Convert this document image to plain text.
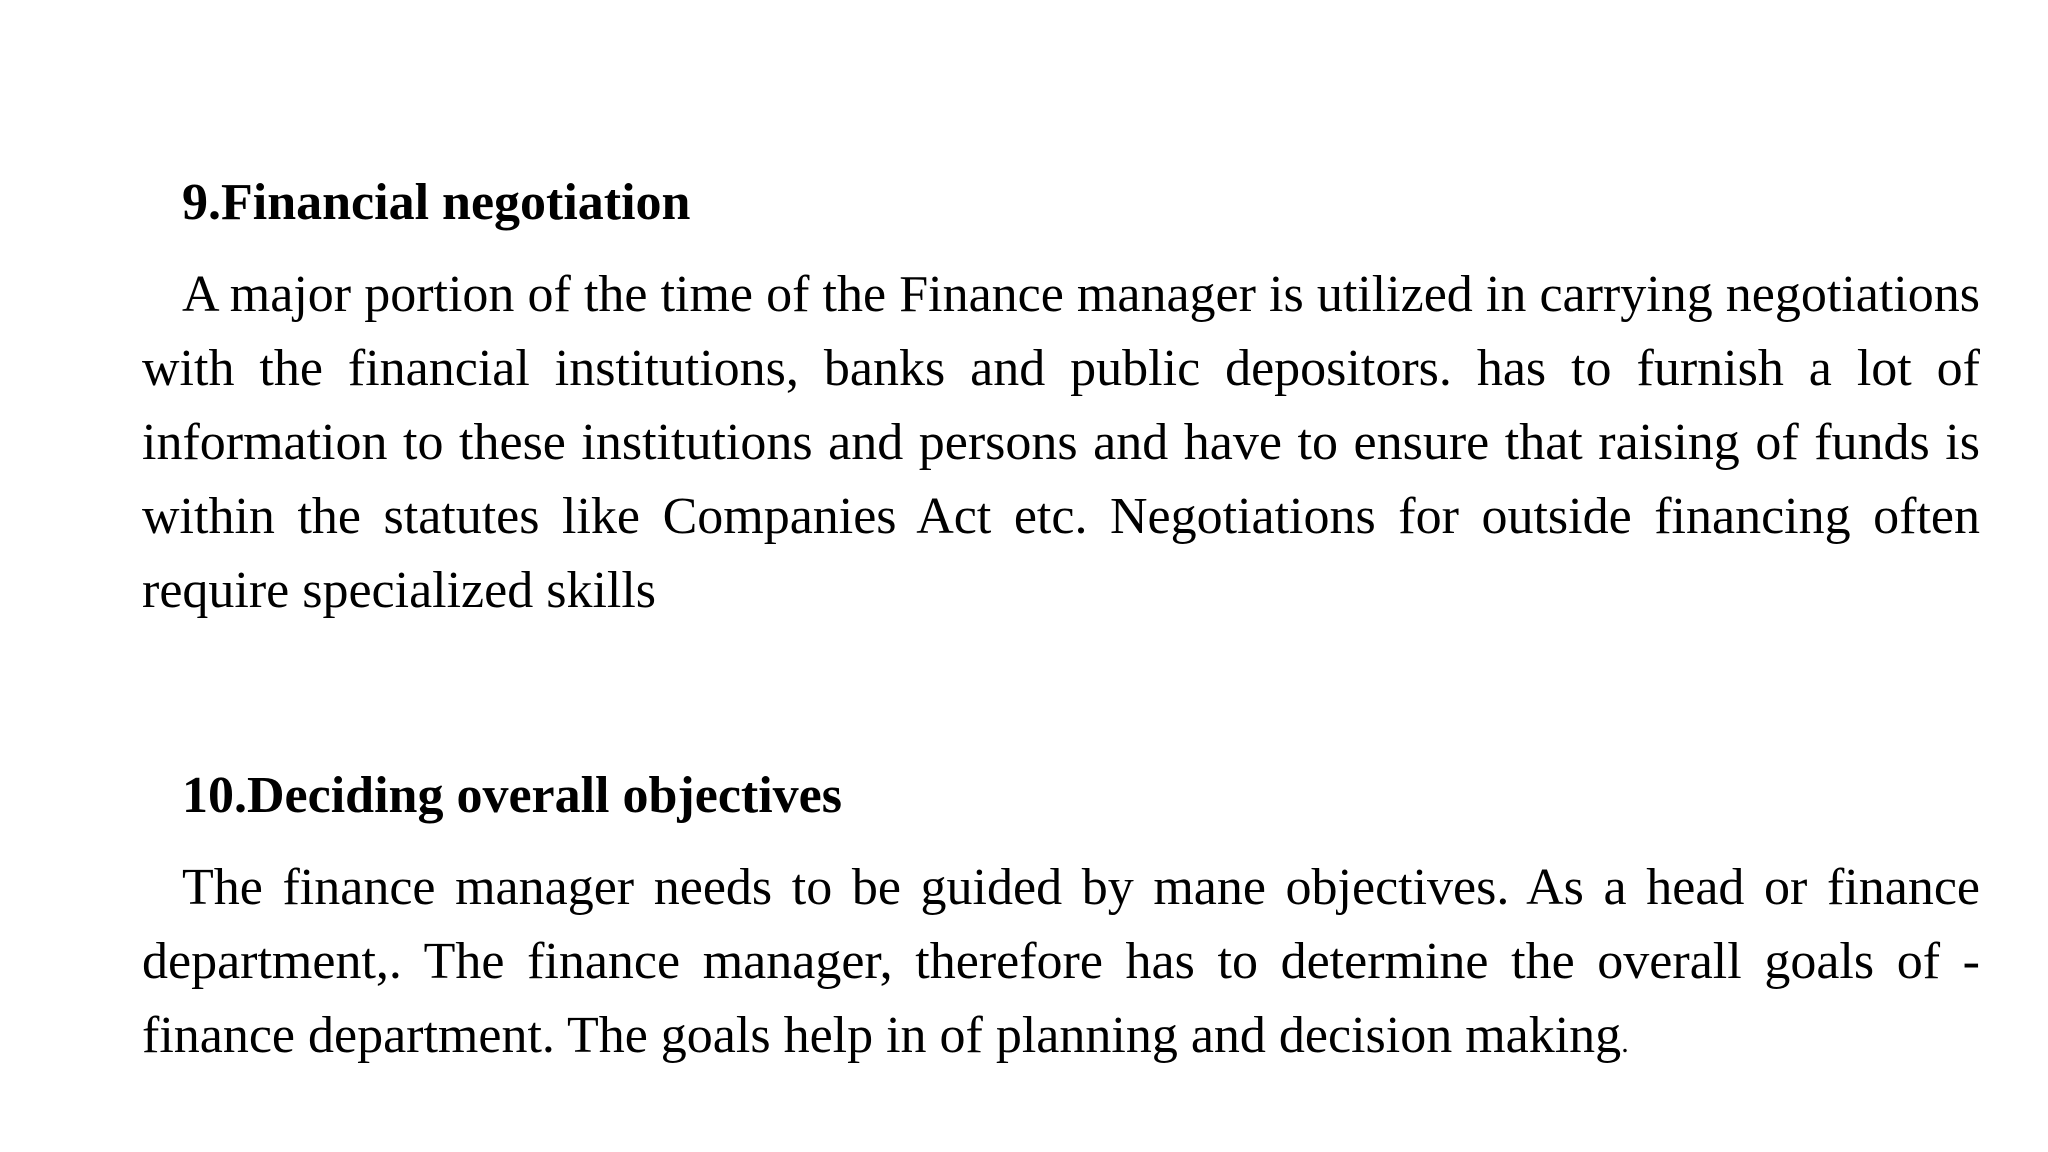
9.Financial negotiation

A major portion of the time of the Finance manager is utilized in carrying negotiations with the financial institutions, banks and public depositors. has to furnish a lot of information to these institutions and persons and have to ensure that raising of funds is within the statutes like Companies Act etc. Negotiations for outside financing often require specialized skills

10.Deciding overall objectives

The finance manager needs to be guided by mane objectives. As a head or finance department,. The finance manager, therefore has to determine the overall goals of - finance department. The goals help in of planning and decision making.
